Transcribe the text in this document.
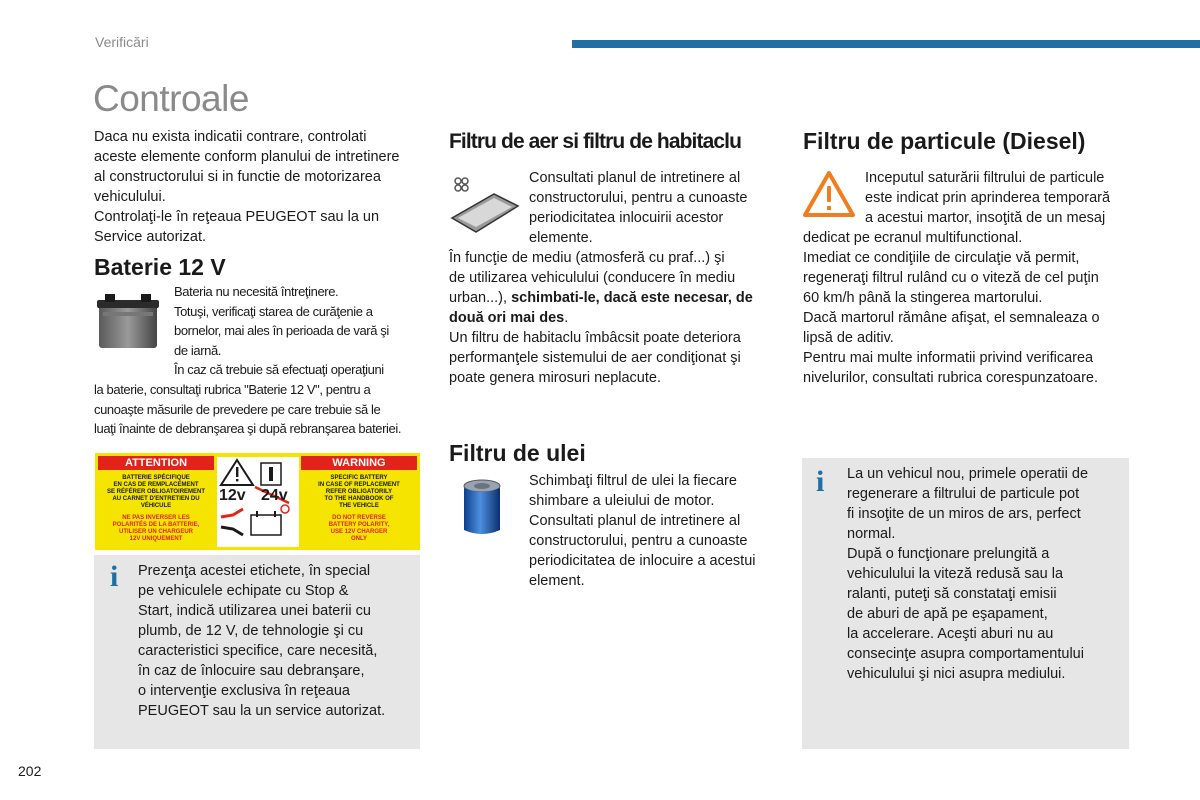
Verificări
Controale

Daca nu exista indicatii contrare, controlati

aceste elemente conform planului de intretinere

al constructorului si in functie de motorizarea

vehiculului.

Controlaţi-le în reţeaua PEUGEOT sau la un

Service autorizat.

Baterie 12 V
Bateria nu necesită întreţinere.
Totuşi, verificaţi starea de curăţenie a
bornelor, mai ales în perioada de vară şi
de iarnă.
În caz că trebuie să efectuaţi operaţiuni
la baterie, consultaţi rubrica "Baterie 12 V", pentru a
cunoaşte măsurile de prevedere pe care trebuie să le
luaţi înainte de debranşarea şi după rebranşarea bateriei.
ATTENTION	WARNING
BATTERIE SPÉCIFIQUE
EN CAS DE REMPLACEMENT
SE RÉFÉRER OBLIGATOIREMENT
AU CARNET D'ENTRETIEN DU
VÉHICULE
SPECIFIC BATTERY
IN CASE OF REPLACEMENT
REFER OBLIGATORILY
TO THE HANDBOOK OF
THE VEHICLE
NE PAS INVERSER LES
POLARITÉS DE LA BATTERIE,
UTILISER UN CHARGEUR
12V UNIQUEMENT
DO NOT REVERSE
BATTERY POLARITY,
USE 12V CHARGER
ONLY
12v 24v
i Prezenţa acestei etichete, în special
pe vehiculele echipate cu Stop &
Start, indică utilizarea unei baterii cu
plumb, de 12 V, de tehnologie şi cu
caracteristici specifice, care necesită,
în caz de înlocuire sau debranşare,
o intervenţie exclusiva în reţeaua
PEUGEOT sau la un service autorizat.
Filtru de aer si filtru de habitaclu
Consultati planul de intretinere al
constructorului, pentru a cunoaste
periodicitatea inlocuirii acestor
elemente.
În funcţie de mediu (atmosferă cu praf...) şi
de utilizarea vehiculului (conducere în mediu
urban...), schimbati-le, dacă este necesar, de
două ori mai des.
Un filtru de habitaclu îmbâcsit poate deteriora
performanţele sistemului de aer condiţionat şi
poate genera mirosuri neplacute.
Filtru de ulei
Schimbaţi filtrul de ulei la fiecare
shimbare a uleiului de motor.
Consultati planul de intretinere al
constructorului, pentru a cunoaste
periodicitatea de inlocuire a acestui
element.
Filtru de particule (Diesel)
Inceputul saturării filtrului de particule
este indicat prin aprinderea temporară
a acestui martor, insoţită de un mesaj
dedicat pe ecranul multifunctional.
Imediat ce condiţiile de circulaţie vă permit,
regeneraţi filtrul rulând cu o viteză de cel puţin
60 km/h până la stingerea martorului.
Dacă martorul rămâne afişat, el semnaleaza o
lipsă de aditiv.
Pentru mai multe informatii privind verificarea
nivelurilor, consultati rubrica corespunzatoare.
i La un vehicul nou, primele operatii de
regenerare a filtrului de particule pot
fi insoţite de un miros de ars, perfect
normal.
După o funcţionare prelungită a
vehiculului la viteză redusă sau la
ralanti, puteţi să constataţi emisii
de aburi de apă pe eşapament,
la accelerare. Aceşti aburi nu au
consecinţe asupra comportamentului
vehiculului şi nici asupra mediului.
202
